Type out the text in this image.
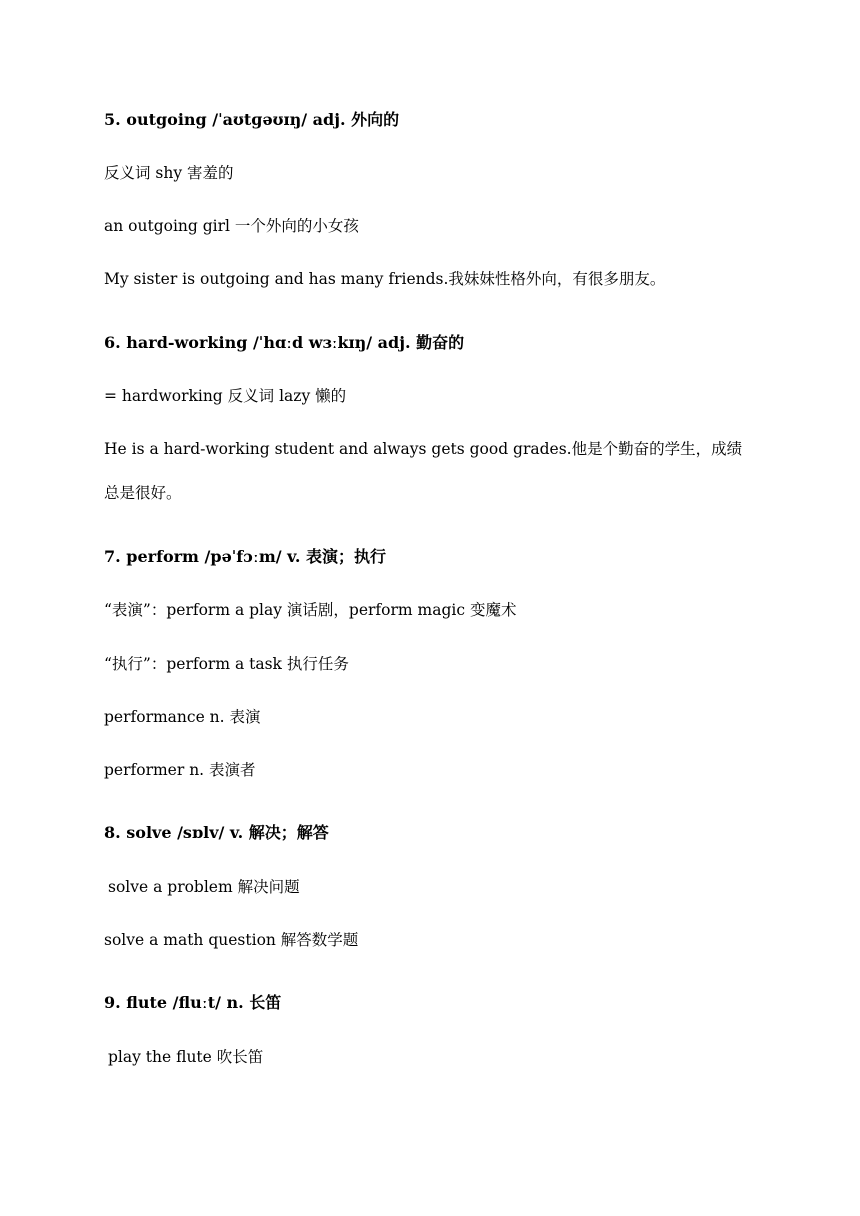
5. outgoing /ˈaʊtɡəʊɪŋ/ adj. 外向的
反义词 shy 害羞的
an outgoing girl 一个外向的小女孩
My sister is outgoing and has many friends.我妹妹性格外向，有很多朋友。
6. hard-working /ˈhɑːd wɜːkɪŋ/ adj. 勤奋的
= hardworking 反义词 lazy 懒的
He is a hard-working student and always gets good grades.他是个勤奋的学生，成绩总是很好。
7. perform /pəˈfɔːm/ v. 表演；执行
“表演”：perform a play 演话剧，perform magic 变魔术
“执行”：perform a task 执行任务
performance n. 表演
performer n. 表演者
8. solve /sɒlv/ v. 解决；解答
solve a problem 解决问题
solve a math question 解答数学题
9. flute /fluːt/ n. 长笛
play the flute 吹长笛
